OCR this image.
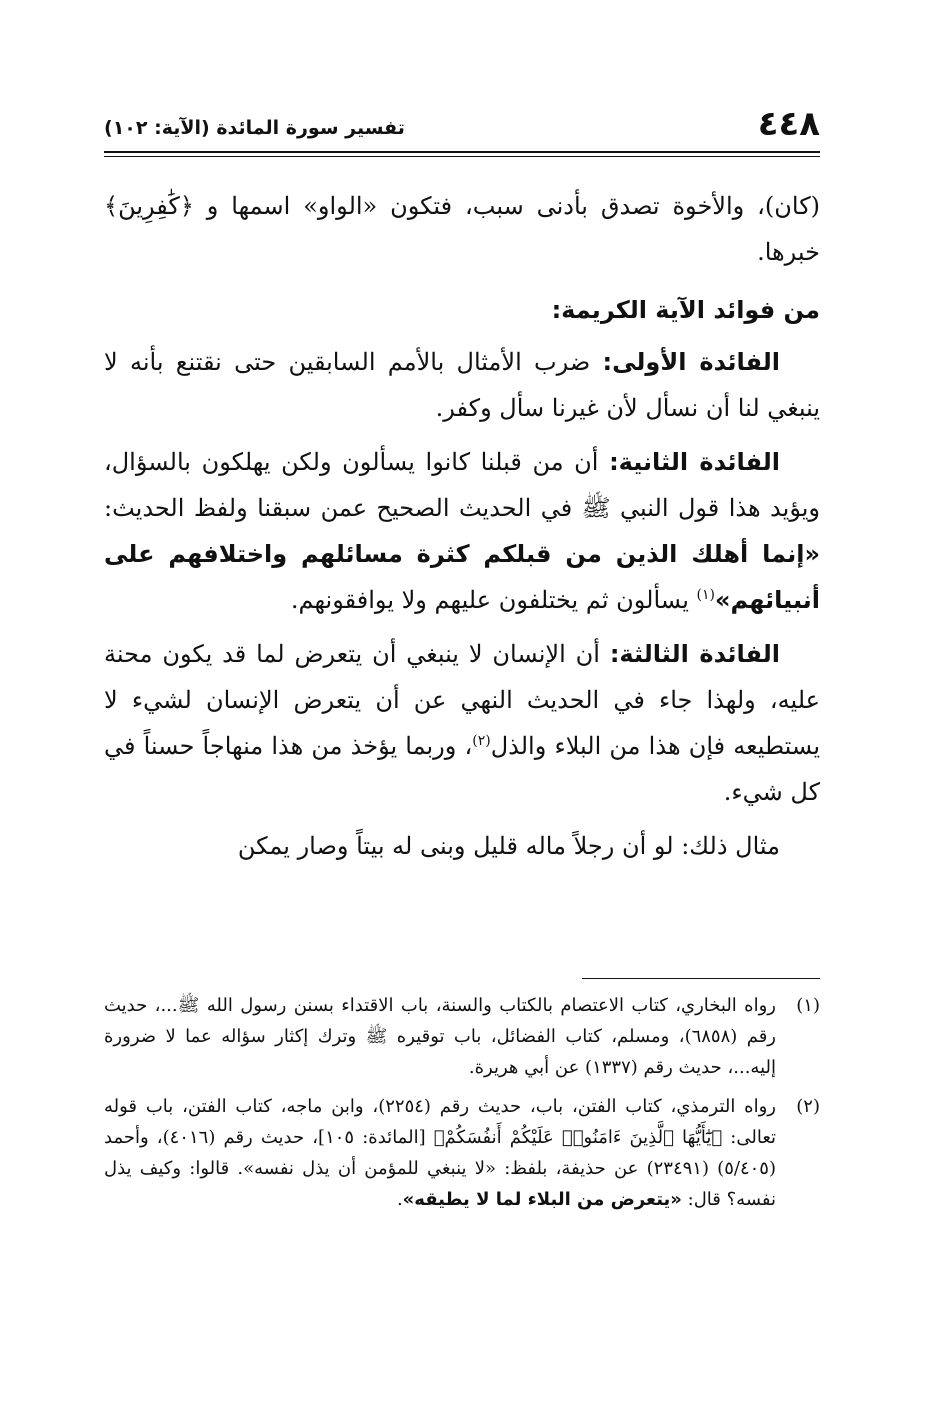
٤٤٨
تفسير سورة المائدة (الآية: ١٠٢)

(كان)، والأخوة تصدق بأدنى سبب، فتكون «الواو» اسمها و ﴿كَٰفِرِينَ﴾ خبرها.

من فوائد الآية الكريمة:

الفائدة الأولى: ضرب الأمثال بالأمم السابقين حتى نقتنع بأنه لا ينبغي لنا أن نسأل لأن غيرنا سأل وكفر.

الفائدة الثانية: أن من قبلنا كانوا يسألون ولكن يهلكون بالسؤال، ويؤيد هذا قول النبي ﷺ في الحديث الصحيح عمن سبقنا ولفظ الحديث: «إنما أهلك الذين من قبلكم كثرة مسائلهم واختلافهم على أنبيائهم»$^{(١)}$ يسألون ثم يختلفون عليهم ولا يوافقونهم.

الفائدة الثالثة: أن الإنسان لا ينبغي أن يتعرض لما قد يكون محنة عليه، ولهذا جاء في الحديث النهي عن أن يتعرض الإنسان لشيء لا يستطيعه فإن هذا من البلاء والذل$^{(٢)}$، وربما يؤخذ من هذا منهاجاً حسناً في كل شيء.

مثال ذلك: لو أن رجلاً ماله قليل وبنى له بيتاً وصار يمكن

(١)
رواه البخاري، كتاب الاعتصام بالكتاب والسنة، باب الاقتداء بسنن رسول الله ﷺ...، حديث رقم (٦٨٥٨)، ومسلم، كتاب الفضائل، باب توقيره ﷺ وترك إكثار سؤاله عما لا ضرورة إليه...، حديث رقم (١٣٣٧) عن أبي هريرة.
(٢)
رواه الترمذي، كتاب الفتن، باب، حديث رقم (٢٢٥٤)، وابن ماجه، كتاب الفتن، باب قوله تعالى: ﴿يَٰٓأَيُّهَا ٱلَّذِينَ ءَامَنُوا۟ عَلَيْكُمْ أَنفُسَكُمْ﴾ [المائدة: ١٠٥]، حديث رقم (٤٠١٦)، وأحمد (٥/٤٠٥) (٢٣٤٩١) عن حذيفة، بلفظ: «لا ينبغي للمؤمن أن يذل نفسه». قالوا: وكيف يذل نفسه؟ قال: «يتعرض من البلاء لما لا يطيقه».
